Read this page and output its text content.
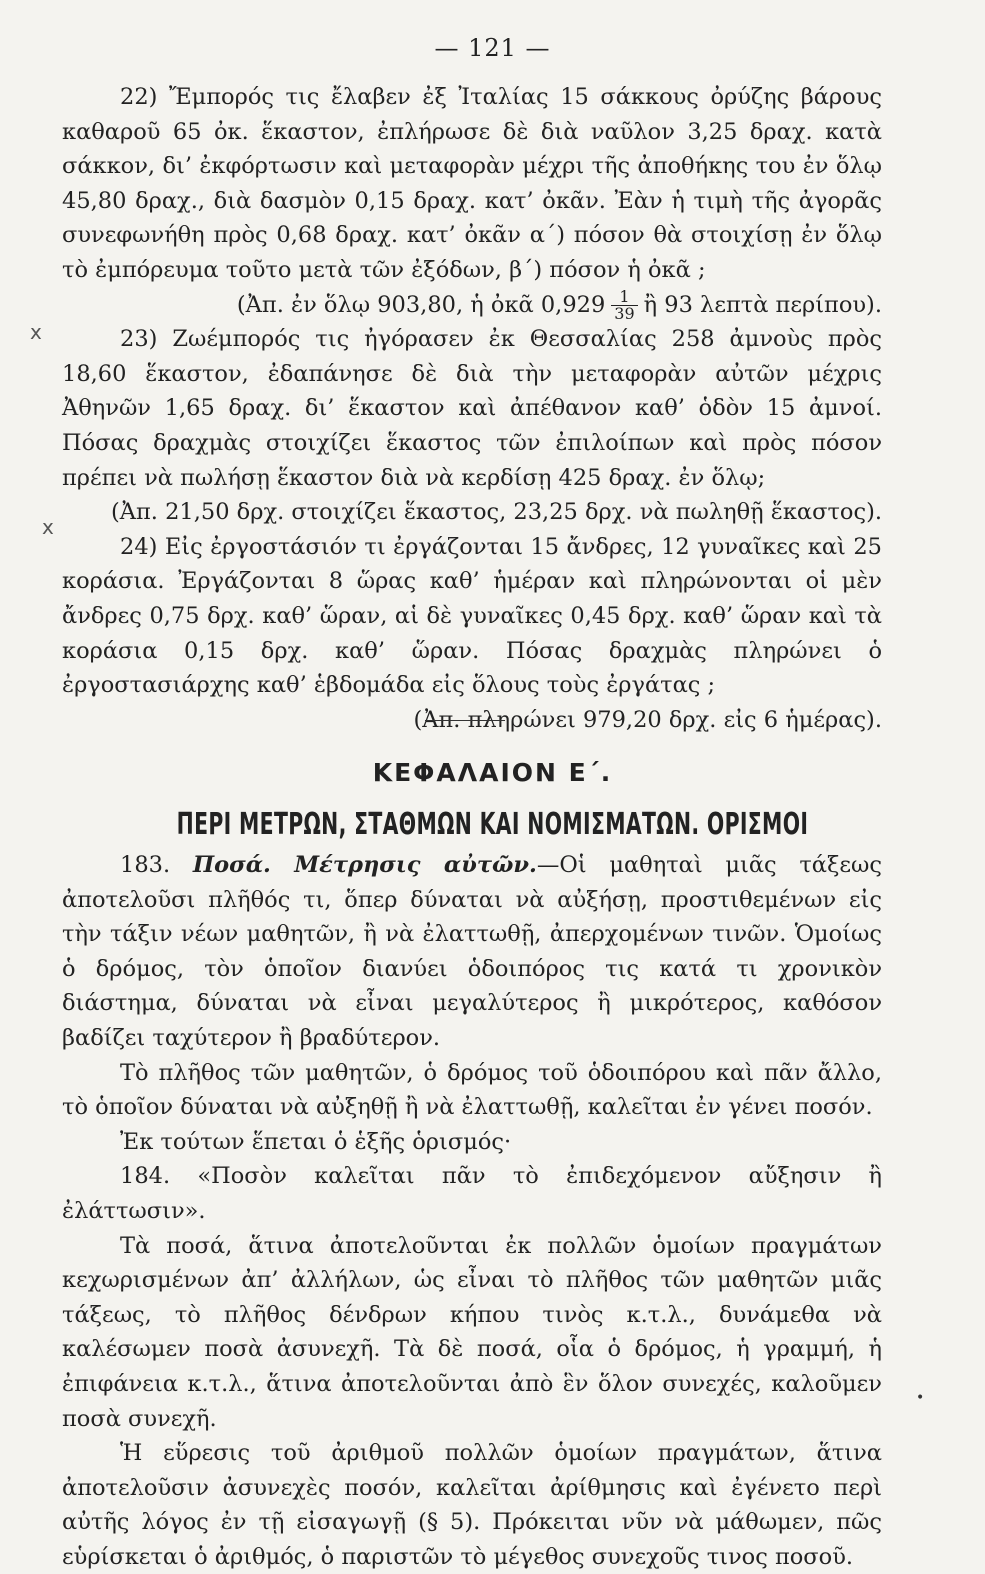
— 121 —

22) Ἔμπορός τις ἔλαβεν ἐξ Ἰταλίας 15 σάκκους ὀρύζης βάρους καθαροῦ 65 ὀκ. ἕκαστον, ἐπλήρωσε δὲ διὰ ναῦλον 3,25 δραχ. κατὰ σάκκον, δι’ ἐκφόρτωσιν καὶ μεταφορὰν μέχρι τῆς ἀποθήκης του ἐν ὅλῳ 45,80 δραχ., διὰ δασμὸν 0,15 δραχ. κατ’ ὀκᾶν. Ἐὰν ἡ τιμὴ τῆς ἀγορᾶς συνεφωνήθη πρὸς 0,68 δραχ. κατ’ ὀκᾶν α΄) πόσον θὰ στοιχίσῃ ἐν ὅλῳ τὸ ἐμπόρευμα τοῦτο μετὰ τῶν ἐξόδων, β΄) πόσον ἡ ὀκᾶ ;

(Ἀπ. ἐν ὅλῳ 903,80, ἡ ὀκᾶ $0,929 \frac{1}{39}$ ἢ 93 λεπτὰ περίπου).

23) Ζωέμπορός τις ἠγόρασεν ἐκ Θεσσαλίας 258 ἀμνοὺς πρὸς 18,60 ἕκαστον, ἐδαπάνησε δὲ διὰ τὴν μεταφορὰν αὐτῶν μέχρις Ἀθηνῶν 1,65 δραχ. δι’ ἕκαστον καὶ ἀπέθανον καθ’ ὁδὸν 15 ἀμνοί. Πόσας δραχμὰς στοιχίζει ἕκαστος τῶν ἐπιλοίπων καὶ πρὸς πόσον πρέπει νὰ πωλήσῃ ἕκαστον διὰ νὰ κερδίσῃ 425 δραχ. ἐν ὅλῳ;

(Ἀπ. 21,50 δρχ. στοιχίζει ἕκαστος, 23,25 δρχ. νὰ πωληθῇ ἕκαστος).

24) Εἰς ἐργοστάσιόν τι ἐργάζονται 15 ἄνδρες, 12 γυναῖκες καὶ 25 κοράσια. Ἐργάζονται 8 ὥρας καθ’ ἡμέραν καὶ πληρώνονται οἱ μὲν ἄνδρες 0,75 δρχ. καθ’ ὥραν, αἱ δὲ γυναῖκες 0,45 δρχ. καθ’ ὥραν καὶ τὰ κοράσια 0,15 δρχ. καθ’ ὥραν. Πόσας δραχμὰς πληρώνει ὁ ἐργοστασιάρχης καθ’ ἑβδομάδα εἰς ὅλους τοὺς ἐργάτας ;

(Ἀπ. πληρώνει 979,20 δρχ. εἰς 6 ἡμέρας).

x
x
ΚΕΦΑΛΑΙΟΝ Ε΄.
ΠΕΡΙ ΜΕΤΡΩΝ, ΣΤΑΘΜΩΝ ΚΑΙ ΝΟΜΙΣΜΑΤΩΝ. ΟΡΙΣΜΟΙ

183. Ποσά. Μέτρησις αὐτῶν.—Οἱ μαθηταὶ μιᾶς τάξεως ἀποτελοῦσι πλῆθός τι, ὅπερ δύναται νὰ αὐξήσῃ, προστιθεμένων εἰς τὴν τάξιν νέων μαθητῶν, ἢ νὰ ἐλαττωθῇ, ἀπερχομένων τινῶν. Ὁμοίως ὁ δρόμος, τὸν ὁποῖον διανύει ὁδοιπόρος τις κατά τι χρονικὸν διάστημα, δύναται νὰ εἶναι μεγαλύτερος ἢ μικρότερος, καθόσον βαδίζει ταχύτερον ἢ βραδύτερον.

Τὸ πλῆθος τῶν μαθητῶν, ὁ δρόμος τοῦ ὁδοιπόρου καὶ πᾶν ἄλλο, τὸ ὁποῖον δύναται νὰ αὐξηθῇ ἢ νὰ ἐλαττωθῇ, καλεῖται ἐν γένει ποσόν.

Ἐκ τούτων ἕπεται ὁ ἑξῆς ὁρισμός·

184. «Ποσὸν καλεῖται πᾶν τὸ ἐπιδεχόμενον αὔξησιν ἢ ἐλάττωσιν».

Τὰ ποσά, ἅτινα ἀποτελοῦνται ἐκ πολλῶν ὁμοίων πραγμάτων κεχωρισμένων ἀπ’ ἀλλήλων, ὡς εἶναι τὸ πλῆθος τῶν μαθητῶν μιᾶς τάξεως, τὸ πλῆθος δένδρων κήπου τινὸς κ.τ.λ., δυνάμεθα νὰ καλέσωμεν ποσὰ ἀσυνεχῆ. Τὰ δὲ ποσά, οἷα ὁ δρόμος, ἡ γραμμή, ἡ ἐπιφάνεια κ.τ.λ., ἅτινα ἀποτελοῦνται ἀπὸ ἓν ὅλον συνεχές, καλοῦμεν ποσὰ συνεχῆ.

Ἡ εὕρεσις τοῦ ἀριθμοῦ πολλῶν ὁμοίων πραγμάτων, ἅτινα ἀποτελοῦσιν ἀσυνεχὲς ποσόν, καλεῖται ἀρίθμησις καὶ ἐγένετο περὶ αὐτῆς λόγος ἐν τῇ εἰσαγωγῇ (§ 5). Πρόκειται νῦν νὰ μάθωμεν, πῶς εὑρίσκεται ὁ ἀριθμός, ὁ παριστῶν τὸ μέγεθος συνεχοῦς τινος ποσοῦ.

•
